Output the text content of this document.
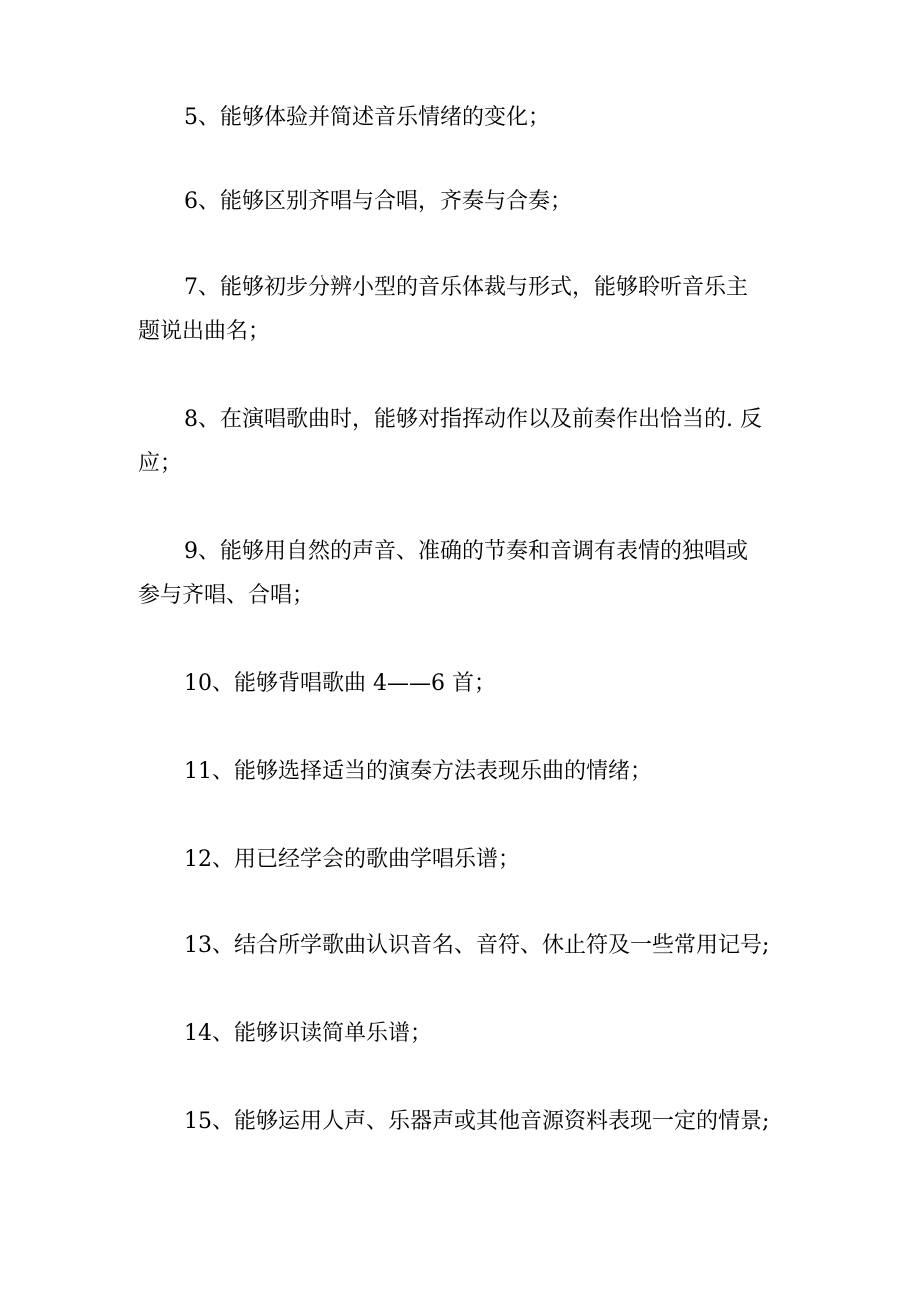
5、能够体验并简述音乐情绪的变化；

6、能够区别齐唱与合唱，齐奏与合奏；

7、能够初步分辨小型的音乐体裁与形式，能够聆听音乐主
题说出曲名；

8、在演唱歌曲时，能够对指挥动作以及前奏作出恰当的. 反
应；

9、能够用自然的声音、准确的节奏和音调有表情的独唱或
参与齐唱、合唱；

10、能够背唱歌曲 4——6 首；

11、能够选择适当的演奏方法表现乐曲的情绪；

12、用已经学会的歌曲学唱乐谱；

13、结合所学歌曲认识音名、音符、休止符及一些常用记号;

14、能够识读简单乐谱；

15、能够运用人声、乐器声或其他音源资料表现一定的情景;
